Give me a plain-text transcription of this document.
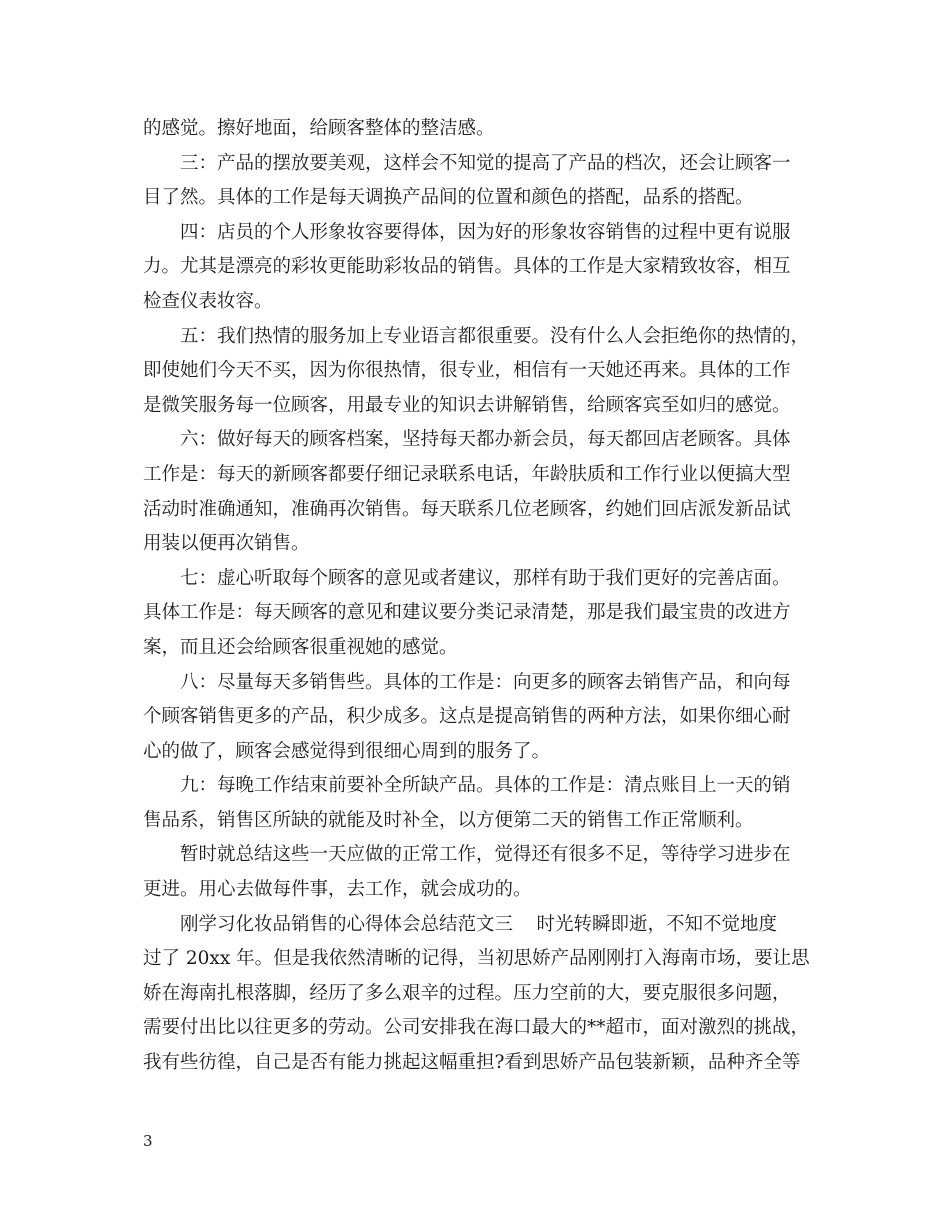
的感觉。擦好地面，给顾客整体的整洁感。
三：产品的摆放要美观，这样会不知觉的提高了产品的档次，还会让顾客一
目了然。具体的工作是每天调换产品间的位置和颜色的搭配，品系的搭配。
四：店员的个人形象妆容要得体，因为好的形象妆容销售的过程中更有说服
力。尤其是漂亮的彩妆更能助彩妆品的销售。具体的工作是大家精致妆容，相互
检查仪表妆容。
五：我们热情的服务加上专业语言都很重要。没有什么人会拒绝你的热情的，
即使她们今天不买，因为你很热情，很专业，相信有一天她还再来。具体的工作
是微笑服务每一位顾客，用最专业的知识去讲解销售，给顾客宾至如归的感觉。
六：做好每天的顾客档案，坚持每天都办新会员，每天都回店老顾客。具体
工作是：每天的新顾客都要仔细记录联系电话，年龄肤质和工作行业以便搞大型
活动时准确通知，准确再次销售。每天联系几位老顾客，约她们回店派发新品试
用装以便再次销售。
七：虚心听取每个顾客的意见或者建议，那样有助于我们更好的完善店面。
具体工作是：每天顾客的意见和建议要分类记录清楚，那是我们最宝贵的改进方
案，而且还会给顾客很重视她的感觉。
八：尽量每天多销售些。具体的工作是：向更多的顾客去销售产品，和向每
个顾客销售更多的产品，积少成多。这点是提高销售的两种方法，如果你细心耐
心的做了，顾客会感觉得到很细心周到的服务了。
九：每晚工作结束前要补全所缺产品。具体的工作是：清点账目上一天的销
售品系，销售区所缺的就能及时补全，以方便第二天的销售工作正常顺利。
暂时就总结这些一天应做的正常工作，觉得还有很多不足，等待学习进步在
更进。用心去做每件事，去工作，就会成功的。
刚学习化妆品销售的心得体会总结范文三    时光转瞬即逝，不知不觉地度
过了 20xx 年。但是我依然清晰的记得，当初思娇产品刚刚打入海南市场，要让思
娇在海南扎根落脚，经历了多么艰辛的过程。压力空前的大，要克服很多问题，
需要付出比以往更多的劳动。公司安排我在海口最大的**超市，面对激烈的挑战，
我有些彷徨，自己是否有能力挑起这幅重担?看到思娇产品包装新颖，品种齐全等
3
